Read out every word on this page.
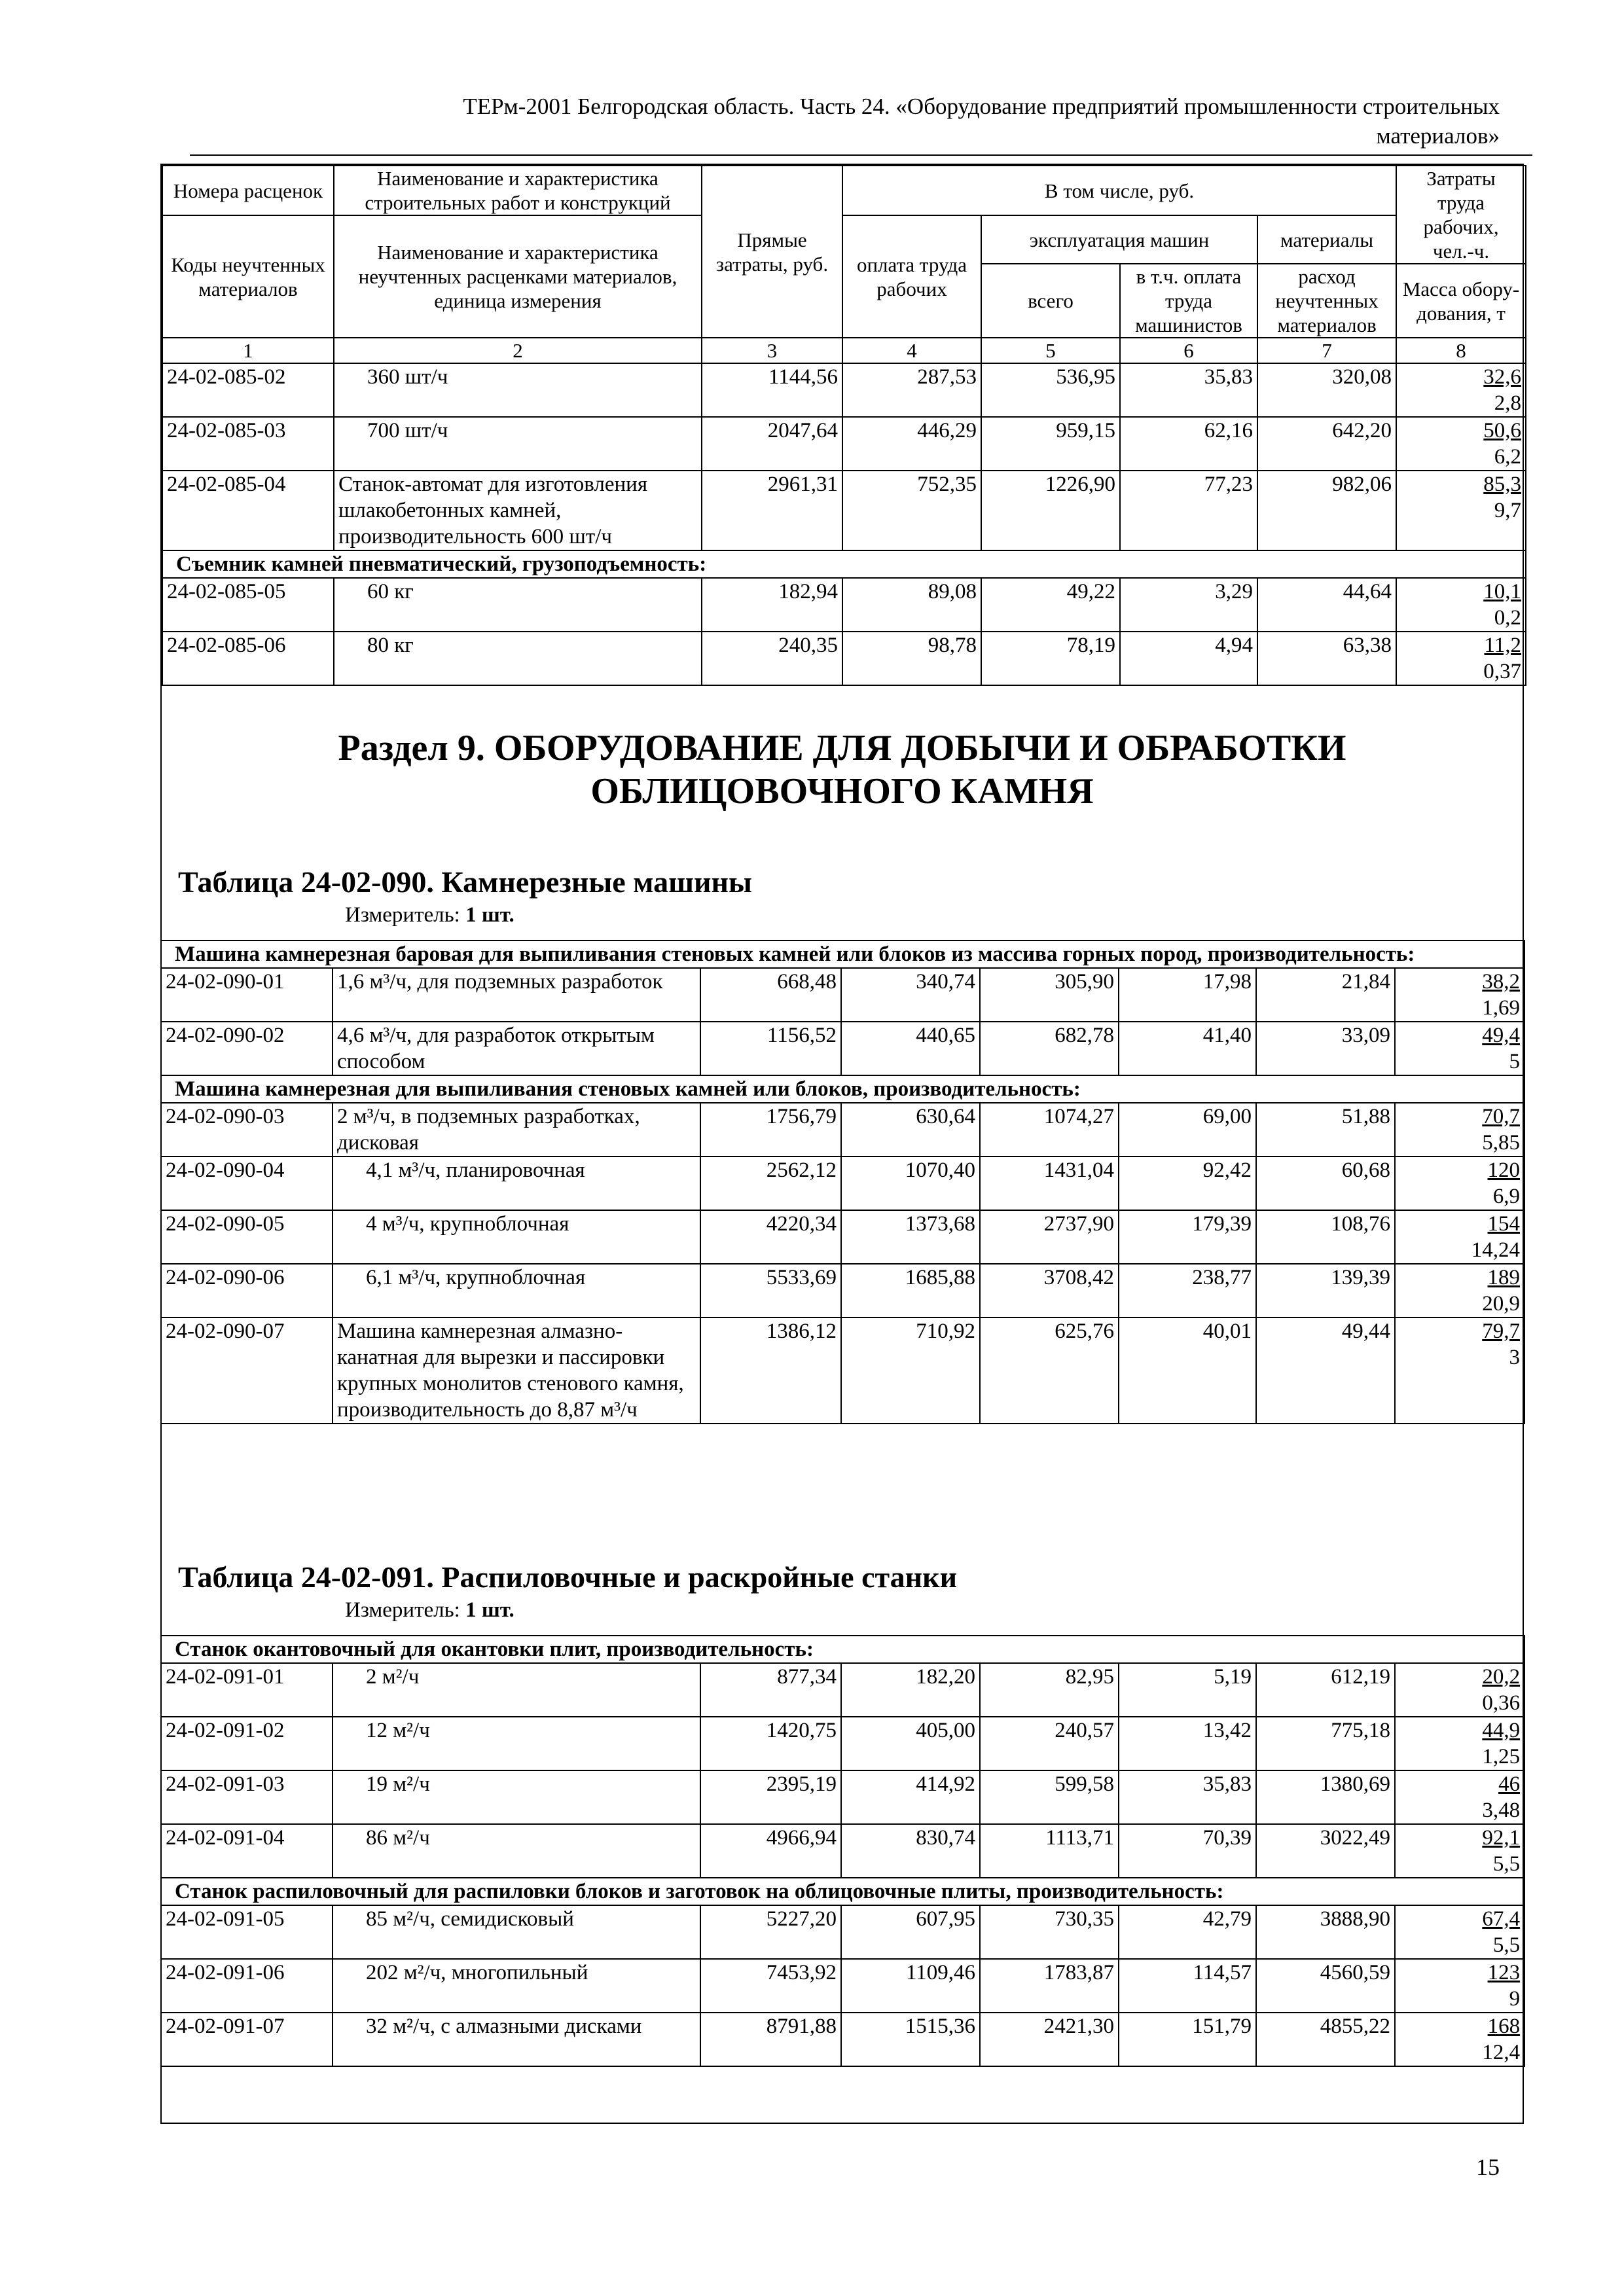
ТЕРм-2001 Белгородская область. Часть 24. «Оборудование предприятий промышленности строительных
материалов»
Номера расценок	Наименование и характеристика строительных работ и конструкций	Прямые затраты, руб.	В том числе, руб.				Затраты труда рабочих, чел.-ч.
Коды неучтенных материалов	Наименование и характеристика неучтенных расценками материалов, единица измерения		оплата труда рабочих	эксплуатация машин		материалы	
				всего	в т.ч. оплата труда машинистов	расход неучтенных материалов	Масса обору-дования, т

1	2	3	4	5	6	7	8
24-02-085-02	360 шт/ч	1144,56	287,53	536,95	35,83	320,08	32,6
2,8

24-02-085-03	700 шт/ч	2047,64	446,29	959,15	62,16	642,20	50,6
6,2

24-02-085-04	Станок-автомат для изготовления шлакобетонных камней, производительность 600 шт/ч	2961,31	752,35	1226,90	77,23	982,06	85,3
9,7

Съемник камней пневматический, грузоподъемность:							
24-02-085-05	60 кг	182,94	89,08	49,22	3,29	44,64	10,1
0,2

24-02-085-06	80 кг	240,35	98,78	78,19	4,94	63,38	11,2
0,37

Раздел 9. ОБОРУДОВАНИЕ ДЛЯ ДОБЫЧИ И ОБРАБОТКИ

ОБЛИЦОВОЧНОГО КАМНЯ

Таблица 24-02-090. Камнерезные машины

Измеритель: 1 шт.

Машина камнерезная баровая для выпиливания стеновых камней или блоков из массива горных пород, производительность:							
24-02-090-01	1,6 м³/ч, для подземных разработок	668,48	340,74	305,90	17,98	21,84	38,2
1,69

24-02-090-02	4,6 м³/ч, для разработок открытым способом	1156,52	440,65	682,78	41,40	33,09	49,4
5

Машина камнерезная для выпиливания стеновых камней или блоков, производительность:							
24-02-090-03	2 м³/ч, в подземных разработках, дисковая	1756,79	630,64	1074,27	69,00	51,88	70,7
5,85

24-02-090-04	4,1 м³/ч, планировочная	2562,12	1070,40	1431,04	92,42	60,68	120
6,9

24-02-090-05	4 м³/ч, крупноблочная	4220,34	1373,68	2737,90	179,39	108,76	154
14,24

24-02-090-06	6,1 м³/ч, крупноблочная	5533,69	1685,88	3708,42	238,77	139,39	189
20,9

24-02-090-07	Машина камнерезная алмазно-канатная для вырезки и пассировки крупных монолитов стенового камня, производительность до 8,87 м³/ч	1386,12	710,92	625,76	40,01	49,44	79,7
3

Таблица 24-02-091. Распиловочные и раскройные станки

Измеритель: 1 шт.

Станок окантовочный для окантовки плит, производительность:							
24-02-091-01	2 м²/ч	877,34	182,20	82,95	5,19	612,19	20,2
0,36

24-02-091-02	12 м²/ч	1420,75	405,00	240,57	13,42	775,18	44,9
1,25

24-02-091-03	19 м²/ч	2395,19	414,92	599,58	35,83	1380,69	46
3,48

24-02-091-04	86 м²/ч	4966,94	830,74	1113,71	70,39	3022,49	92,1
5,5

Станок распиловочный для распиловки блоков и заготовок на облицовочные плиты, производительность:							
24-02-091-05	85 м²/ч, семидисковый	5227,20	607,95	730,35	42,79	3888,90	67,4
5,5

24-02-091-06	202 м²/ч, многопильный	7453,92	1109,46	1783,87	114,57	4560,59	123
9

24-02-091-07	32 м²/ч, с алмазными дисками	8791,88	1515,36	2421,30	151,79	4855,22	168
12,4
15
